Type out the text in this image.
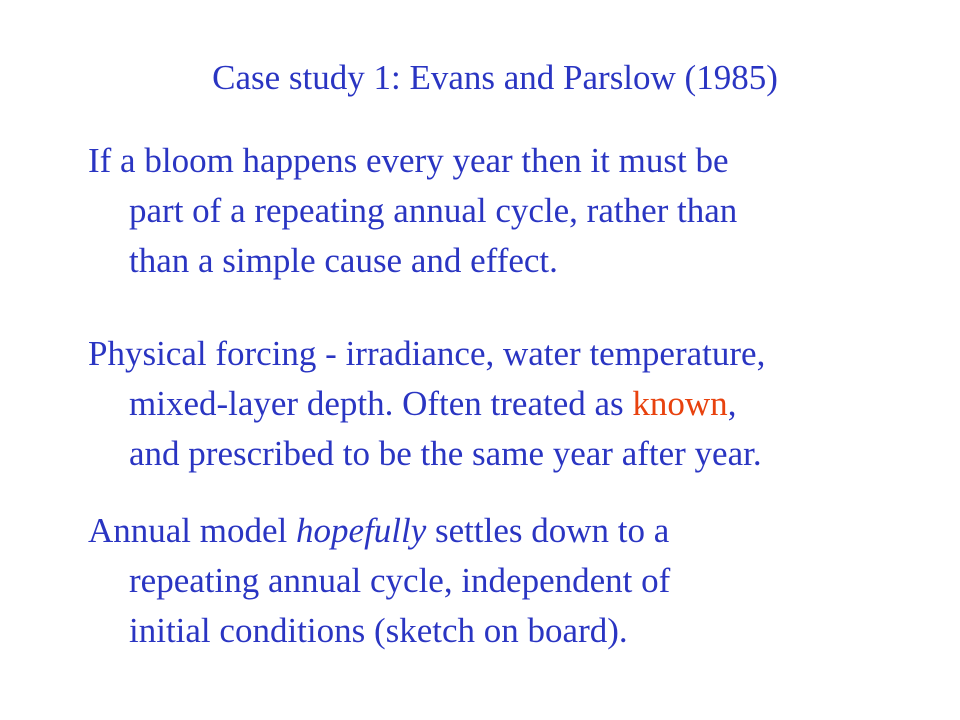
Case study 1: Evans and Parslow (1985)
If a bloom happens every year then it must be
part of a repeating annual cycle, rather than
than a simple cause and effect.
Physical forcing - irradiance, water temperature,
mixed-layer depth. Often treated as known,
and prescribed to be the same year after year.
Annual model hopefully settles down to a
repeating annual cycle, independent of
initial conditions (sketch on board).
